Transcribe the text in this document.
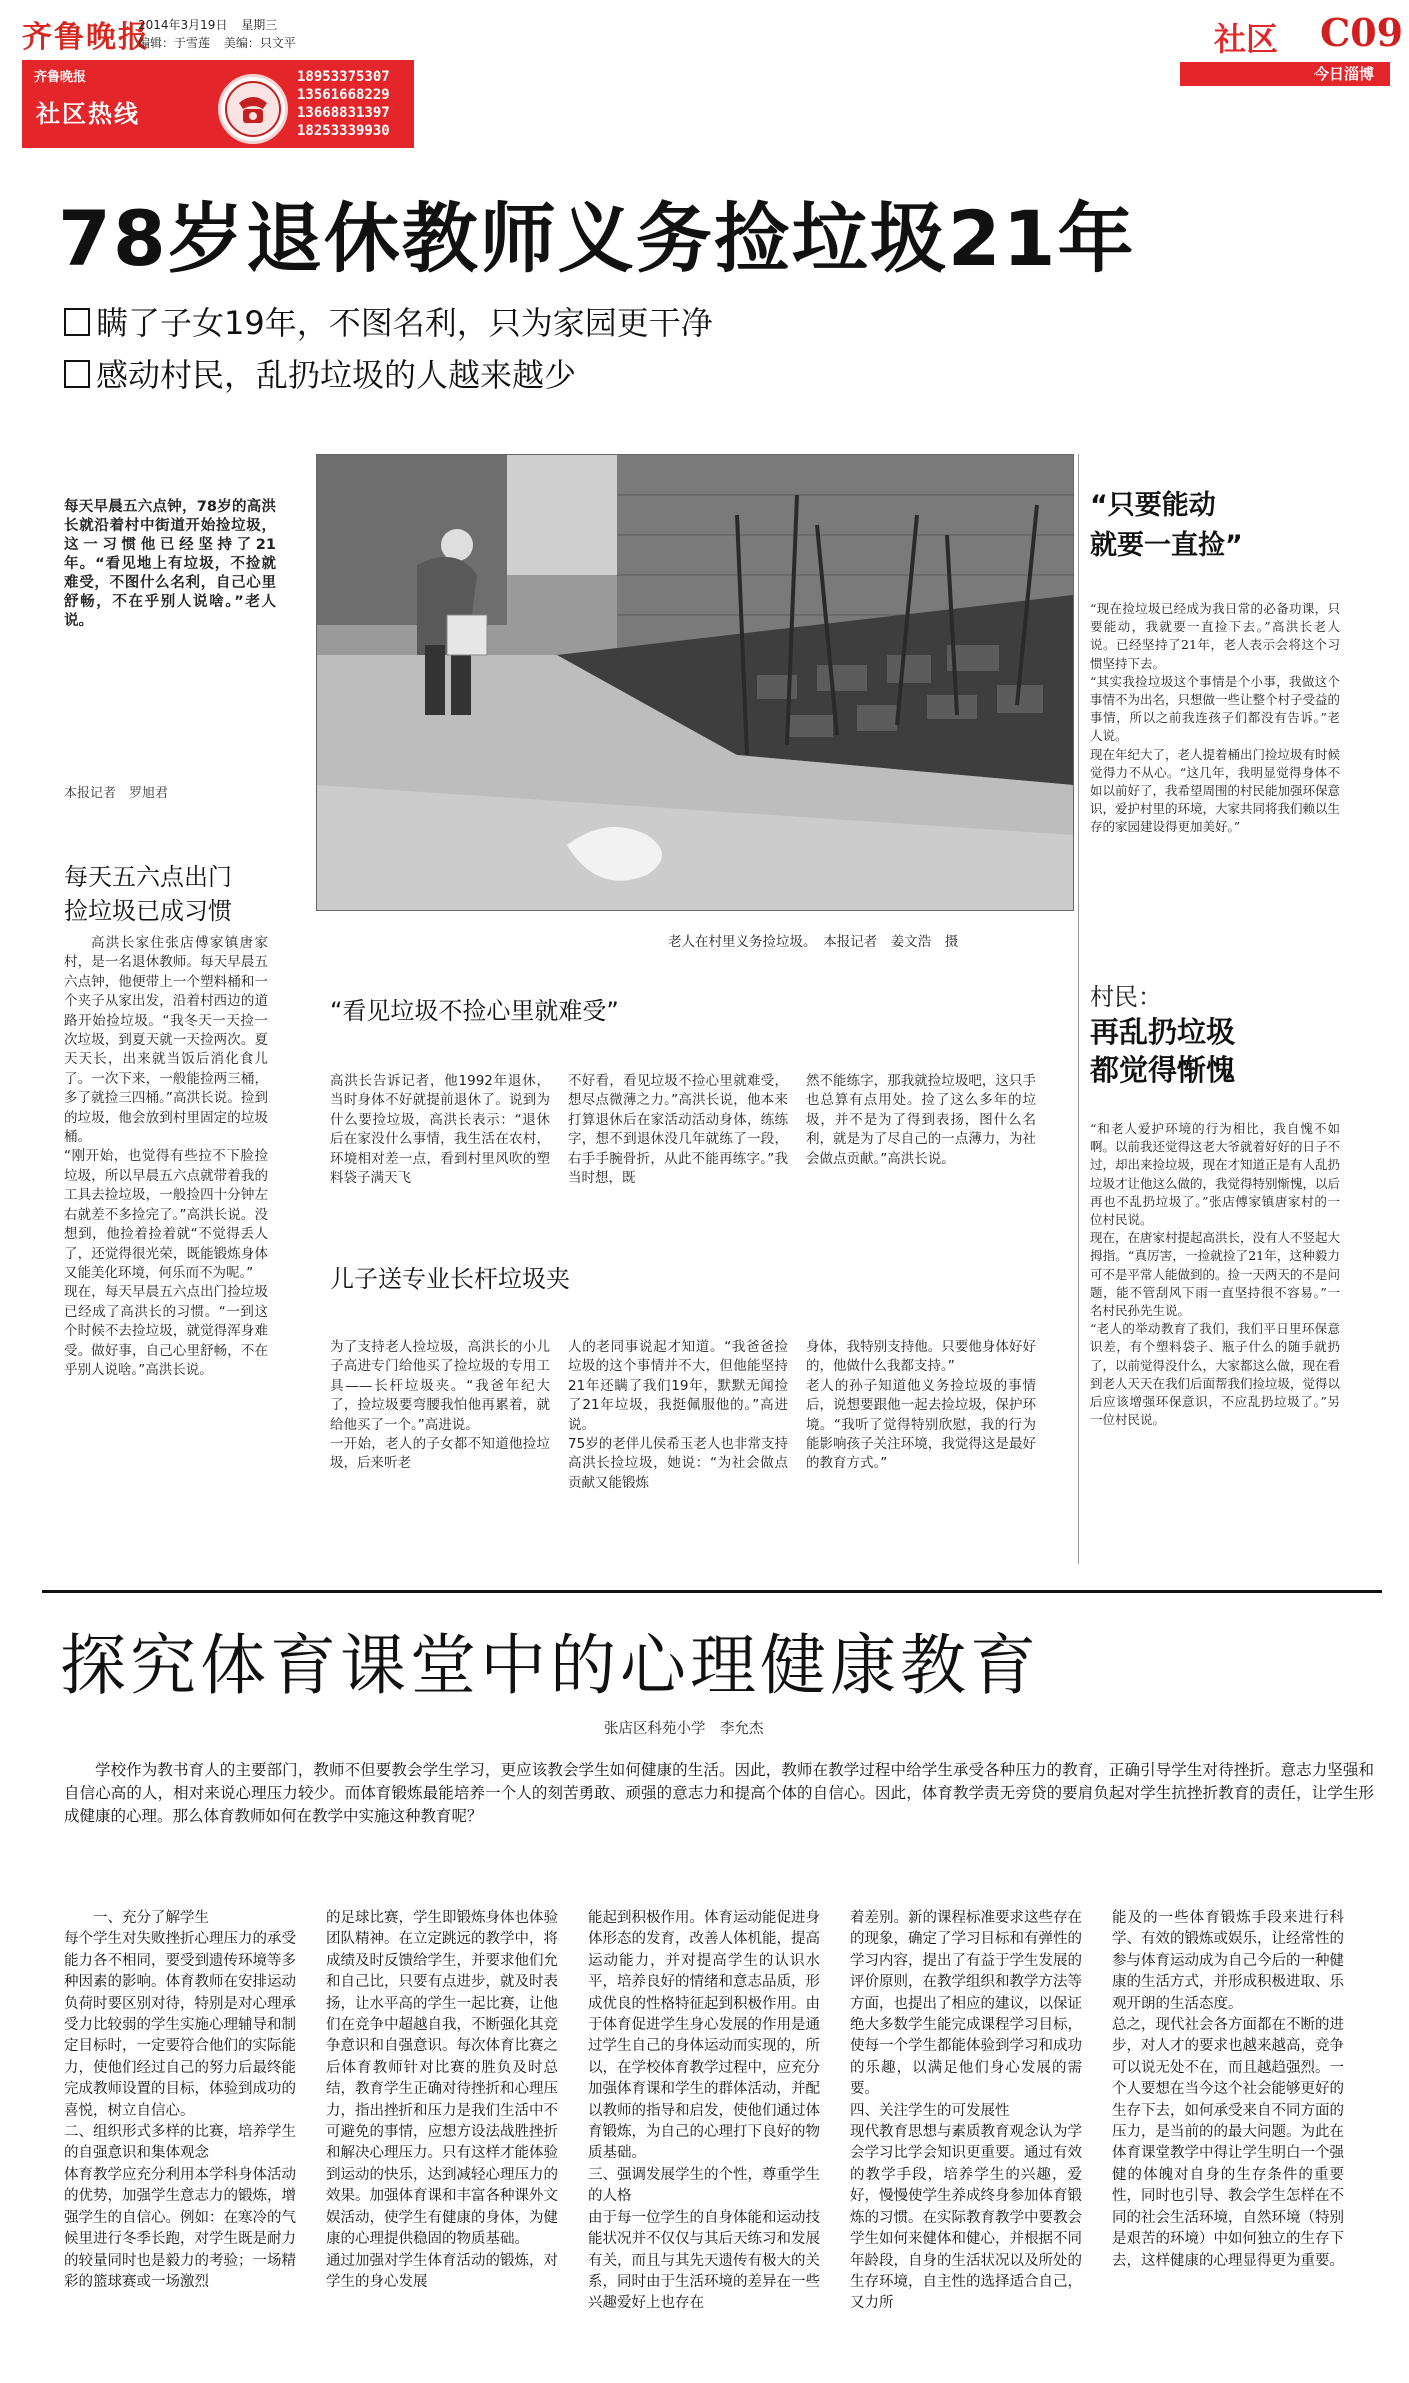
齐鲁晚报
2014年3月19日 星期三
编辑：于雪莲 美编：只文平
齐鲁晚报
社区热线
18953375307
13561668229
13668831397
18253339930
社区 C09
今日淄博
78岁退休教师义务捡垃圾21年
瞒了子女19年，不图名利，只为家园更干净
感动村民，乱扔垃圾的人越来越少
每天早晨五六点钟，78岁的高洪长就沿着村中街道开始捡垃圾，这一习惯他已经坚持了21年。“看见地上有垃圾，不捡就难受，不图什么名利，自己心里舒畅，不在乎别人说啥。”老人说。
本报记者　罗旭君
每天五六点出门
捡垃圾已成习惯
高洪长家住张店傅家镇唐家村，是一名退休教师。每天早晨五六点钟，他便带上一个塑料桶和一个夹子从家出发，沿着村西边的道路开始捡垃圾。“我冬天一天捡一次垃圾，到夏天就一天捡两次。夏天天长，出来就当饭后消化食儿了。一次下来，一般能捡两三桶，多了就捡三四桶。”高洪长说。捡到的垃圾，他会放到村里固定的垃圾桶。
“刚开始，也觉得有些拉不下脸捡垃圾，所以早晨五六点就带着我的工具去捡垃圾，一般捡四十分钟左右就差不多捡完了。”高洪长说。没想到，他捡着捡着就“不觉得丢人了，还觉得很光荣，既能锻炼身体又能美化环境，何乐而不为呢。”
现在，每天早晨五六点出门捡垃圾已经成了高洪长的习惯。“一到这个时候不去捡垃圾，就觉得浑身难受。做好事，自己心里舒畅，不在乎别人说啥。”高洪长说。
老人在村里义务捡垃圾。　本报记者　姜文浩　摄
“看见垃圾不捡心里就难受”
高洪长告诉记者，他1992年退休，当时身体不好就提前退休了。说到为什么要捡垃圾，高洪长表示：“退休后在家没什么事情，我生活在农村，环境相对差一点，看到村里风吹的塑料袋子满天飞
不好看，看见垃圾不捡心里就难受，想尽点微薄之力。”高洪长说，他本来打算退休后在家活动活动身体，练练字，想不到退休没几年就练了一段，右手手腕骨折，从此不能再练字。”我当时想，既
然不能练字，那我就捡垃圾吧，这只手也总算有点用处。捡了这么多年的垃圾，并不是为了得到表扬，图什么名利，就是为了尽自己的一点薄力，为社会做点贡献。”高洪长说。
儿子送专业长杆垃圾夹
为了支持老人捡垃圾，高洪长的小儿子高进专门给他买了捡垃圾的专用工具——长杆垃圾夹。“我爸年纪大了，捡垃圾要弯腰我怕他再累着，就给他买了一个。”高进说。
一开始，老人的子女都不知道他捡垃圾，后来听老
人的老同事说起才知道。“我爸爸捡垃圾的这个事情并不大，但他能坚持21年还瞒了我们19年，默默无闻捡了21年垃圾，我挺佩服他的。”高进说。
75岁的老伴儿侯希玉老人也非常支持高洪长捡垃圾，她说：“为社会做点贡献又能锻炼
身体，我特别支持他。只要他身体好好的，他做什么我都支持。”
老人的孙子知道他义务捡垃圾的事情后，说想要跟他一起去捡垃圾，保护环境。“我听了觉得特别欣慰，我的行为能影响孩子关注环境，我觉得这是最好的教育方式。”
“只要能动
就要一直捡”
“现在捡垃圾已经成为我日常的必备功课，只要能动，我就要一直捡下去。”高洪长老人说。已经坚持了21年，老人表示会将这个习惯坚持下去。
“其实我捡垃圾这个事情是个小事，我做这个事情不为出名，只想做一些让整个村子受益的事情，所以之前我连孩子们都没有告诉。”老人说。
现在年纪大了，老人提着桶出门捡垃圾有时候觉得力不从心。“这几年，我明显觉得身体不如以前好了，我希望周围的村民能加强环保意识，爱护村里的环境，大家共同将我们赖以生存的家园建设得更加美好。”
村民：
再乱扔垃圾
都觉得惭愧
“和老人爱护环境的行为相比，我自愧不如啊。以前我还觉得这老大爷就着好好的日子不过，却出来捡垃圾，现在才知道正是有人乱扔垃圾才让他这么做的，我觉得特别惭愧，以后再也不乱扔垃圾了。”张店傅家镇唐家村的一位村民说。
现在，在唐家村提起高洪长，没有人不竖起大拇指。“真厉害，一捡就捡了21年，这种毅力可不是平常人能做到的。捡一天两天的不是问题，能不管刮风下雨一直坚持很不容易。”一名村民孙先生说。
“老人的举动教育了我们，我们平日里环保意识差，有个塑料袋子、瓶子什么的随手就扔了，以前觉得没什么，大家都这么做，现在看到老人天天在我们后面帮我们捡垃圾，觉得以后应该增强环保意识，不应乱扔垃圾了。”另一位村民说。
探究体育课堂中的心理健康教育
张店区科苑小学　李允杰
学校作为教书育人的主要部门，教师不但要教会学生学习，更应该教会学生如何健康的生活。因此，教师在教学过程中给学生承受各种压力的教育，正确引导学生对待挫折。意志力坚强和自信心高的人，相对来说心理压力较少。而体育锻炼最能培养一个人的刻苦勇敢、顽强的意志力和提高个体的自信心。因此，体育教学责无旁贷的要肩负起对学生抗挫折教育的责任，让学生形成健康的心理。那么体育教师如何在教学中实施这种教育呢？
一、充分了解学生
每个学生对失败挫折心理压力的承受能力各不相同，要受到遗传环境等多种因素的影响。体育教师在安排运动负荷时要区别对待，特别是对心理承受力比较弱的学生实施心理辅导和制定目标时，一定要符合他们的实际能力，使他们经过自己的努力后最终能完成教师设置的目标，体验到成功的喜悦，树立自信心。
二、组织形式多样的比赛，培养学生的自强意识和集体观念
体育教学应充分利用本学科身体活动的优势，加强学生意志力的锻炼，增强学生的自信心。例如：在寒冷的气候里进行冬季长跑，对学生既是耐力的较量同时也是毅力的考验；一场精彩的篮球赛或一场激烈
的足球比赛，学生即锻炼身体也体验团队精神。在立定跳远的教学中，将成绩及时反馈给学生，并要求他们允和自己比，只要有点进步，就及时表扬，让水平高的学生一起比赛，让他们在竞争中超越自我，不断强化其竞争意识和自强意识。每次体育比赛之后体育教师针对比赛的胜负及时总结，教育学生正确对待挫折和心理压力，指出挫折和压力是我们生活中不可避免的事情，应想方设法战胜挫折和解决心理压力。只有这样才能体验到运动的快乐，达到减轻心理压力的效果。加强体育课和丰富各种课外文娱活动，使学生有健康的身体，为健康的心理提供稳固的物质基础。
通过加强对学生体育活动的锻炼，对学生的身心发展
能起到积极作用。体育运动能促进身体形态的发育，改善人体机能，提高运动能力，并对提高学生的认识水平，培养良好的情绪和意志品质，形成优良的性格特征起到积极作用。由于体育促进学生身心发展的作用是通过学生自己的身体运动而实现的，所以，在学校体育教学过程中，应充分加强体育课和学生的群体活动，并配以教师的指导和启发，使他们通过体育锻炼，为自己的心理打下良好的物质基础。
三、强调发展学生的个性，尊重学生的人格
由于每一位学生的自身体能和运动技能状况并不仅仅与其后天练习和发展有关，而且与其先天遗传有极大的关系，同时由于生活环境的差异在一些兴趣爱好上也存在
着差别。新的课程标准要求这些存在的现象，确定了学习目标和有弹性的学习内容，提出了有益于学生发展的评价原则，在教学组织和教学方法等方面，也提出了相应的建议，以保证绝大多数学生能完成课程学习目标，使每一个学生都能体验到学习和成功的乐趣，以满足他们身心发展的需要。
四、关注学生的可发展性
现代教育思想与素质教育观念认为学会学习比学会知识更重要。通过有效的教学手段，培养学生的兴趣，爱好，慢慢使学生养成终身参加体育锻炼的习惯。在实际教育教学中要教会学生如何来健体和健心，并根据不同年龄段，自身的生活状况以及所处的生存环境，自主性的选择适合自己，又力所
能及的一些体育锻炼手段来进行科学、有效的锻炼或娱乐，让经常性的参与体育运动成为自己今后的一种健康的生活方式，并形成积极进取、乐观开朗的生活态度。
总之，现代社会各方面都在不断的进步，对人才的要求也越来越高，竞争可以说无处不在，而且越趋强烈。一个人要想在当今这个社会能够更好的生存下去，如何承受来自不同方面的压力，是当前的的最大问题。为此在体育课堂教学中得让学生明白一个强健的体魄对自身的生存条件的重要性，同时也引导、教会学生怎样在不同的社会生活环境，自然环境（特别是艰苦的环境）中如何独立的生存下去，这样健康的心理显得更为重要。
